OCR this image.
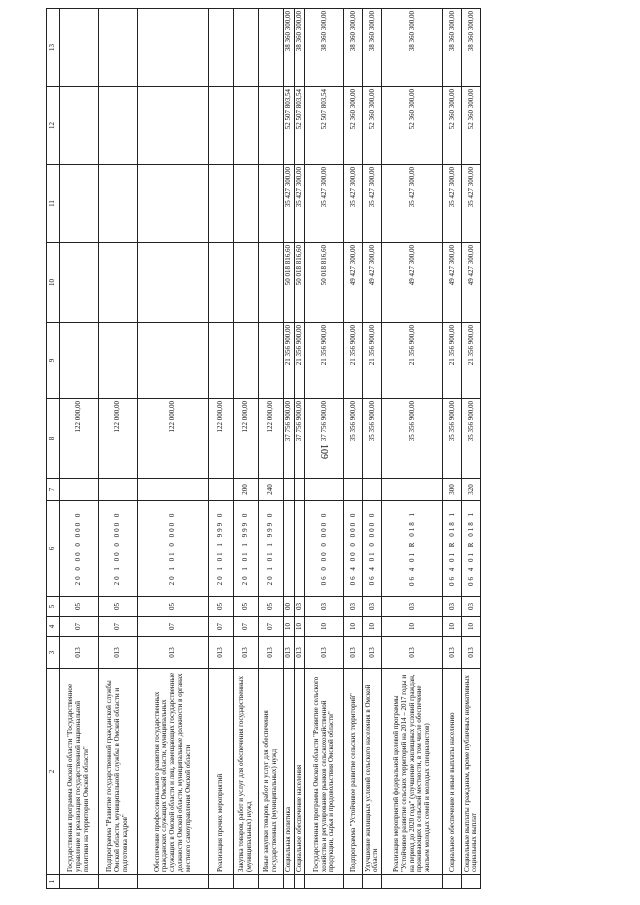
109
1	2	3	4	5	6	7	8	9	10	11	12	13
	Государственная программа Омской области "Государственное управление и реализация государственной национальной политики на территории Омской области"	013	07	05	20 0 00 0 000 0		122 000,00					
	Подпрограмма "Развитие государственной гражданской службы Омской области, муниципальной службы в Омской области и подготовка кадров"	013	07	05	20 1 00 0 000 0		122 000,00					
	Обеспечение профессионального развития государственных гражданских служащих Омской области, муниципальных служащих в Омской области и лиц, замещающих государственные должности Омской области, муниципальные должности в органах местного самоуправления Омской области	013	07	05	20 1 01 0 000 0		122 000,00					
	Реализация прочих мероприятий	013	07	05	20 1 01 1 999 0		122 000,00					
	Закупка товаров, работ и услуг для обеспечения государственных (муниципальных) нужд	013	07	05	20 1 01 1 999 0	200	122 000,00					
	Иные закупки товаров, работ и услуг для обеспечения государственных (муниципальных) нужд	013	07	05	20 1 01 1 999 0	240	122 000,00					
	Социальная политика	013	10	00			37 756 900,00	21 356 900,00	50 018 816,60	35 427 300,00	52 507 803,54	38 360 300,00
	Социальное обеспечение населения	013	10	03			37 756 900,00	21 356 900,00	50 018 816,60	35 427 300,00	52 507 803,54	38 360 300,00
	Государственная программа Омской области "Развитие сельского хозяйства и регулирование рынков сельскохозяйственной продукции, сырья и продовольствия Омской области"	013	10	03	06 0 00 0 000 0		37 756 900,00	21 356 900,00	50 018 816,60	35 427 300,00	52 507 803,54	38 360 300,00
	Подпрограмма "Устойчивое развитие сельских территорий"	013	10	03	06 4 00 0 000 0		35 356 900,00	21 356 900,00	49 427 300,00	35 427 300,00	52 360 300,00	38 360 300,00
	Улучшение жилищных условий сельского населения в Омской области	013	10	03	06 4 01 0 000 0		35 356 900,00	21 356 900,00	49 427 300,00	35 427 300,00	52 360 300,00	38 360 300,00
	Реализация мероприятий федеральной целевой программы "Устойчивое развитие сельских территорий на 2014 – 2017 годы и на период до 2020 года" (улучшение жилищных условий граждан, проживающих в сельской местности, в том числе обеспечение жильем молодых семей и молодых специалистов)	013	10	03	06 4 01 R 018 1		35 356 900,00	21 356 900,00	49 427 300,00	35 427 300,00	52 360 300,00	38 360 300,00
	Социальное обеспечение и иные выплаты населению	013	10	03	06 4 01 R 018 1	300	35 356 900,00	21 356 900,00	49 427 300,00	35 427 300,00	52 360 300,00	38 360 300,00
	Социальные выплаты гражданам, кроме публичных нормативных социальных выплат	013	10	03	06 4 01 R 018 1	320	35 356 900,00	21 356 900,00	49 427 300,00	35 427 300,00	52 360 300,00	38 360 300,00
